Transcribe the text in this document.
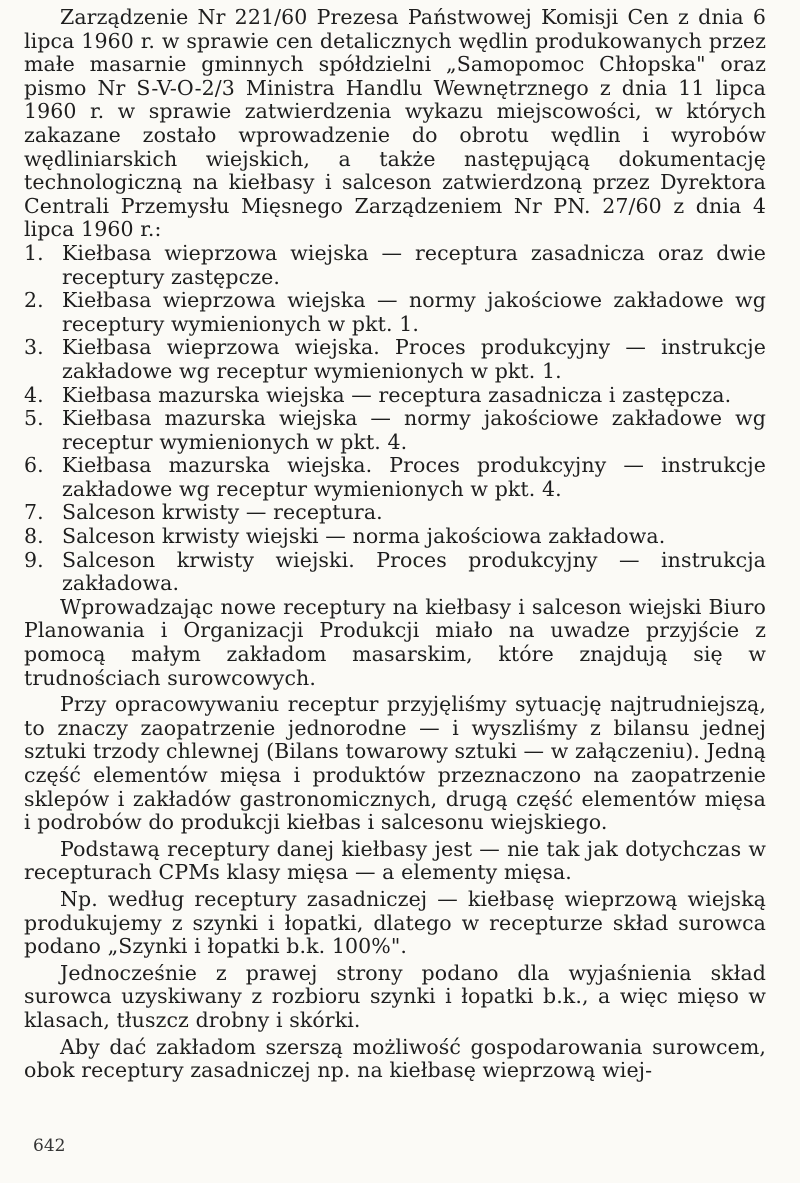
Zarządzenie Nr 221/60 Prezesa Państwowej Komisji Cen z dnia 6 lipca 1960 r. w sprawie cen detalicznych wędlin produkowanych przez małe masarnie gminnych spółdzielni „Samopomoc Chłopska" oraz pismo Nr S-V-O-2/3 Ministra Handlu Wewnętrznego z dnia 11 lipca 1960 r. w sprawie zatwierdzenia wykazu miejscowości, w których zakazane zostało wprowadzenie do obrotu wędlin i wyrobów wędliniarskich wiejskich, a także następującą dokumentację technologiczną na kiełbasy i salceson zatwierdzoną przez Dyrektora Centrali Przemysłu Mięsnego Zarządzeniem Nr PN. 27/60 z dnia 4 lipca 1960 r.:

1. Kiełbasa wieprzowa wiejska — receptura zasadnicza oraz dwie receptury zastępcze.
2. Kiełbasa wieprzowa wiejska — normy jakościowe zakładowe wg receptury wymienionych w pkt. 1.
3. Kiełbasa wieprzowa wiejska. Proces produkcyjny — instrukcje zakładowe wg receptur wymienionych w pkt. 1.
4. Kiełbasa mazurska wiejska — receptura zasadnicza i zastępcza.
5. Kiełbasa mazurska wiejska — normy jakościowe zakładowe wg receptur wymienionych w pkt. 4.
6. Kiełbasa mazurska wiejska. Proces produkcyjny — instrukcje zakładowe wg receptur wymienionych w pkt. 4.
7. Salceson krwisty — receptura.
8. Salceson krwisty wiejski — norma jakościowa zakładowa.
9. Salceson krwisty wiejski. Proces produkcyjny — instrukcja zakładowa.

Wprowadzając nowe receptury na kiełbasy i salceson wiejski Biuro Planowania i Organizacji Produkcji miało na uwadze przyjście z pomocą małym zakładom masarskim, które znajdują się w trudnościach surowcowych.

Przy opracowywaniu receptur przyjęliśmy sytuację najtrudniejszą, to znaczy zaopatrzenie jednorodne — i wyszliśmy z bilansu jednej sztuki trzody chlewnej (Bilans towarowy sztuki — w załączeniu). Jedną część elementów mięsa i produktów przeznaczono na zaopatrzenie sklepów i zakładów gastronomicznych, drugą część elementów mięsa i podrobów do produkcji kiełbas i salcesonu wiejskiego.

Podstawą receptury danej kiełbasy jest — nie tak jak dotychczas w recepturach CPMs klasy mięsa — a elementy mięsa.

Np. według receptury zasadniczej — kiełbasę wieprzową wiejską produkujemy z szynki i łopatki, dlatego w recepturze skład surowca podano „Szynki i łopatki b.k. 100%".

Jednocześnie z prawej strony podano dla wyjaśnienia skład surowca uzyskiwany z rozbioru szynki i łopatki b.k., a więc mięso w klasach, tłuszcz drobny i skórki.

Aby dać zakładom szerszą możliwość gospodarowania surowcem, obok receptury zasadniczej np. na kiełbasę wieprzową wiej-

642
